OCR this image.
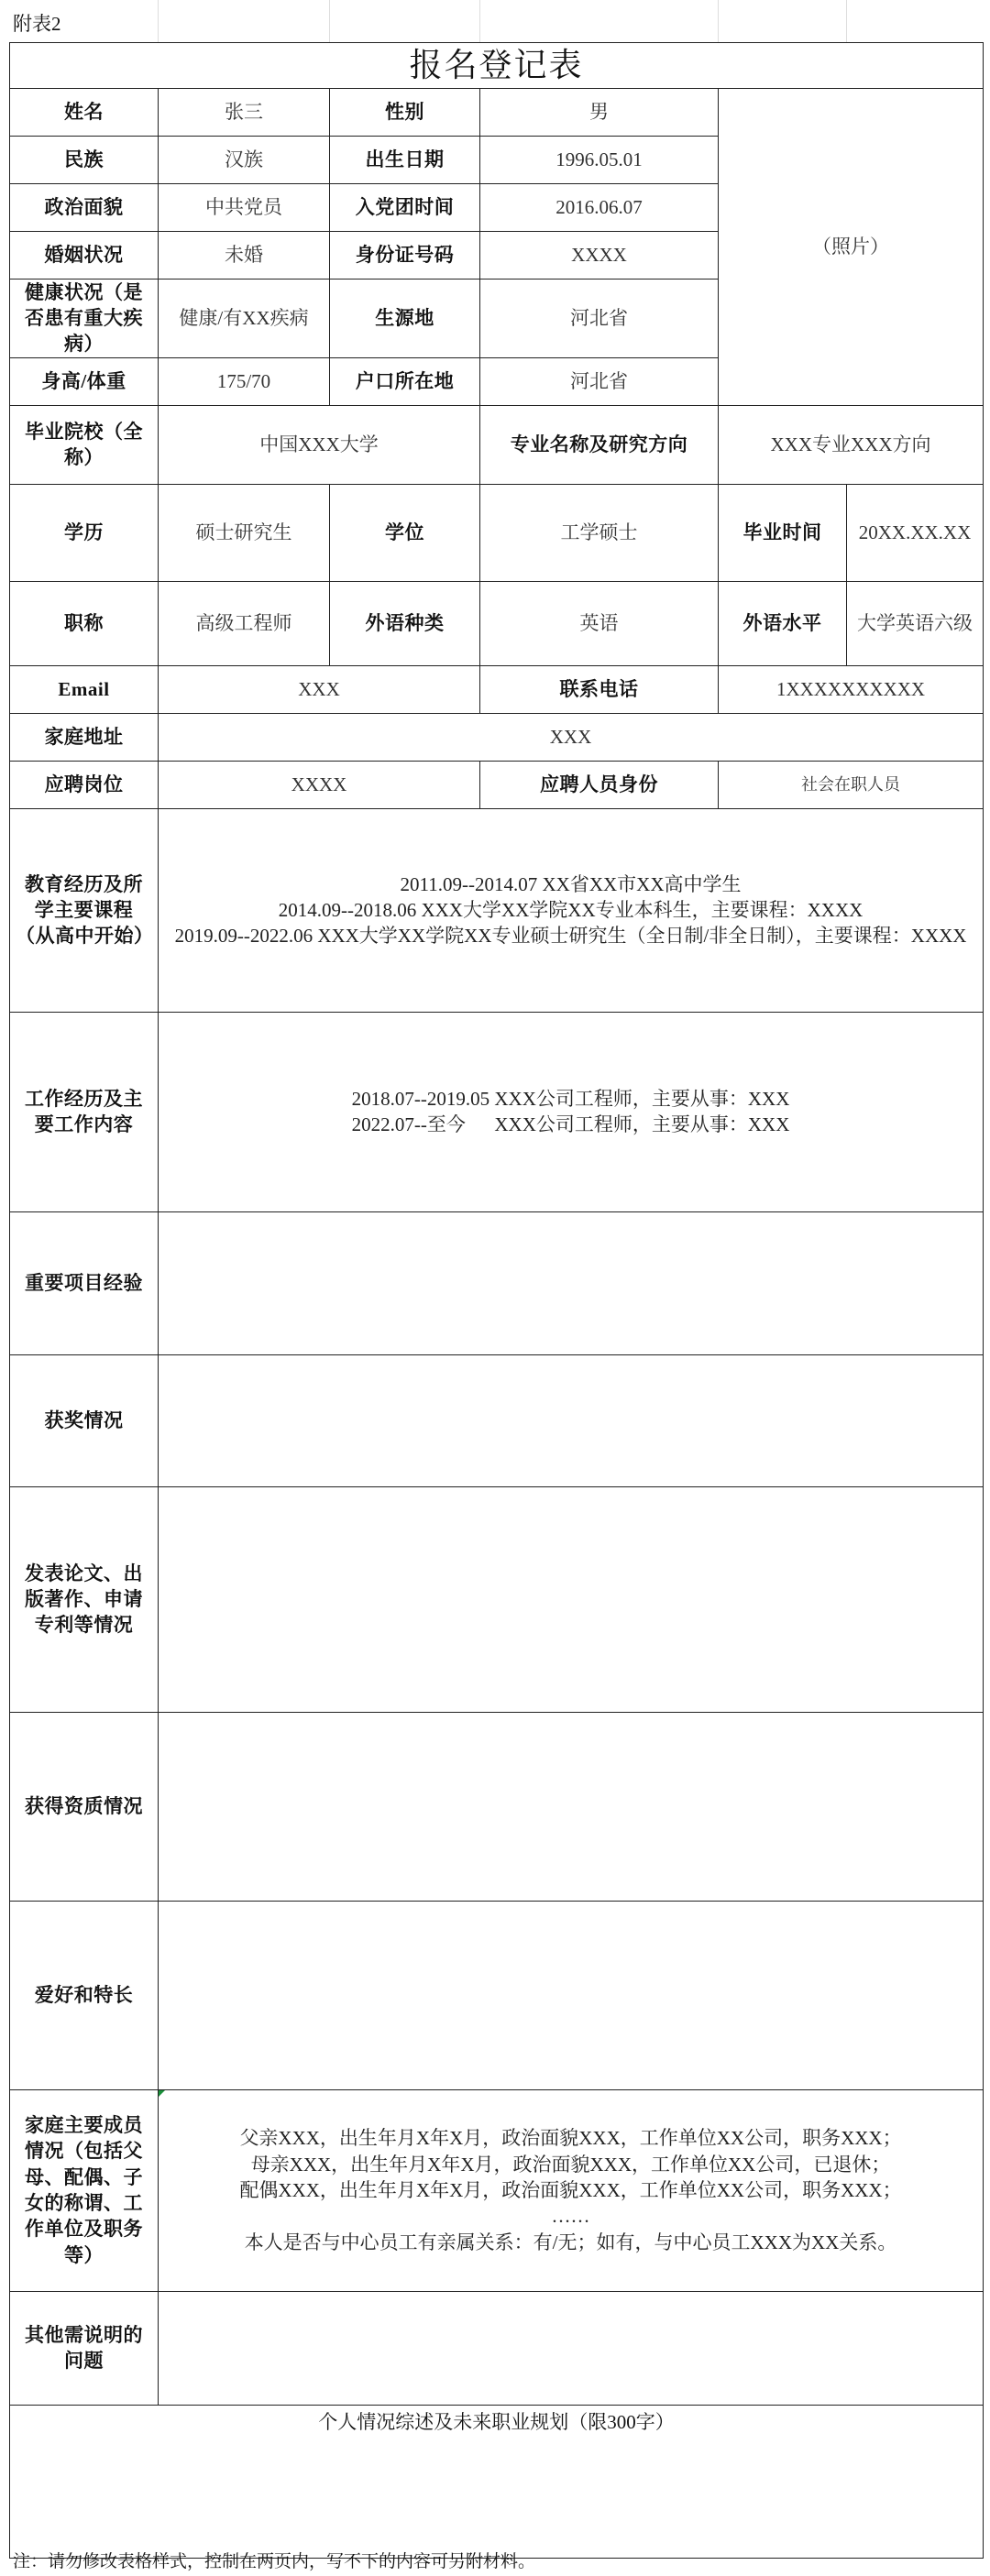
附表2
报名登记表					
姓名	张三	性别	男	（照片）	
民族	汉族	出生日期	1996.05.01		
政治面貌	中共党员	入党团时间	2016.06.07		
婚姻状况	未婚	身份证号码	XXXX		
健康状况（是否患有重大疾病）	健康/有XX疾病	生源地	河北省		
身高/体重	175/70	户口所在地	河北省		
毕业院校（全称）	中国XXX大学		专业名称及研究方向	XXX专业XXX方向	
学历	硕士研究生	学位	工学硕士	毕业时间	20XX.XX.XX
职称	高级工程师	外语种类	英语	外语水平	大学英语六级
Email	XXX		联系电话	1XXXXXXXXXX	
家庭地址	XXX				
应聘岗位	XXXX		应聘人员身份	社会在职人员	
教育经历及所学主要课程（从高中开始）	2011.09--2014.07 XX省XX市XX高中学生
2014.09--2018.06 XXX大学XX学院XX专业本科生，主要课程：XXXX
2019.09--2022.06 XXX大学XX学院XX专业硕士研究生（全日制/非全日制），主要课程：XXXX				

工作经历及主要工作内容	2018.07--2019.05 XXX公司工程师，主要从事：XXX
2022.07--至今      XXX公司工程师，主要从事：XXX				

重要项目经验					
获奖情况					
发表论文、出版著作、申请专利等情况					
获得资质情况					
爱好和特长					
家庭主要成员情况（包括父母、配偶、子女的称谓、工作单位及职务等）	父亲XXX，出生年月X年X月，政治面貌XXX，工作单位XX公司，职务XXX；
母亲XXX，出生年月X年X月，政治面貌XXX，工作单位XX公司，已退休；
配偶XXX，出生年月X年X月，政治面貌XXX，工作单位XX公司，职务XXX；
……
本人是否与中心员工有亲属关系：有/无；如有，与中心员工XXX为XX关系。				

其他需说明的问题					
个人情况综述及未来职业规划（限300字）					
注：请勿修改表格样式，控制在两页内，写不下的内容可另附材料。
